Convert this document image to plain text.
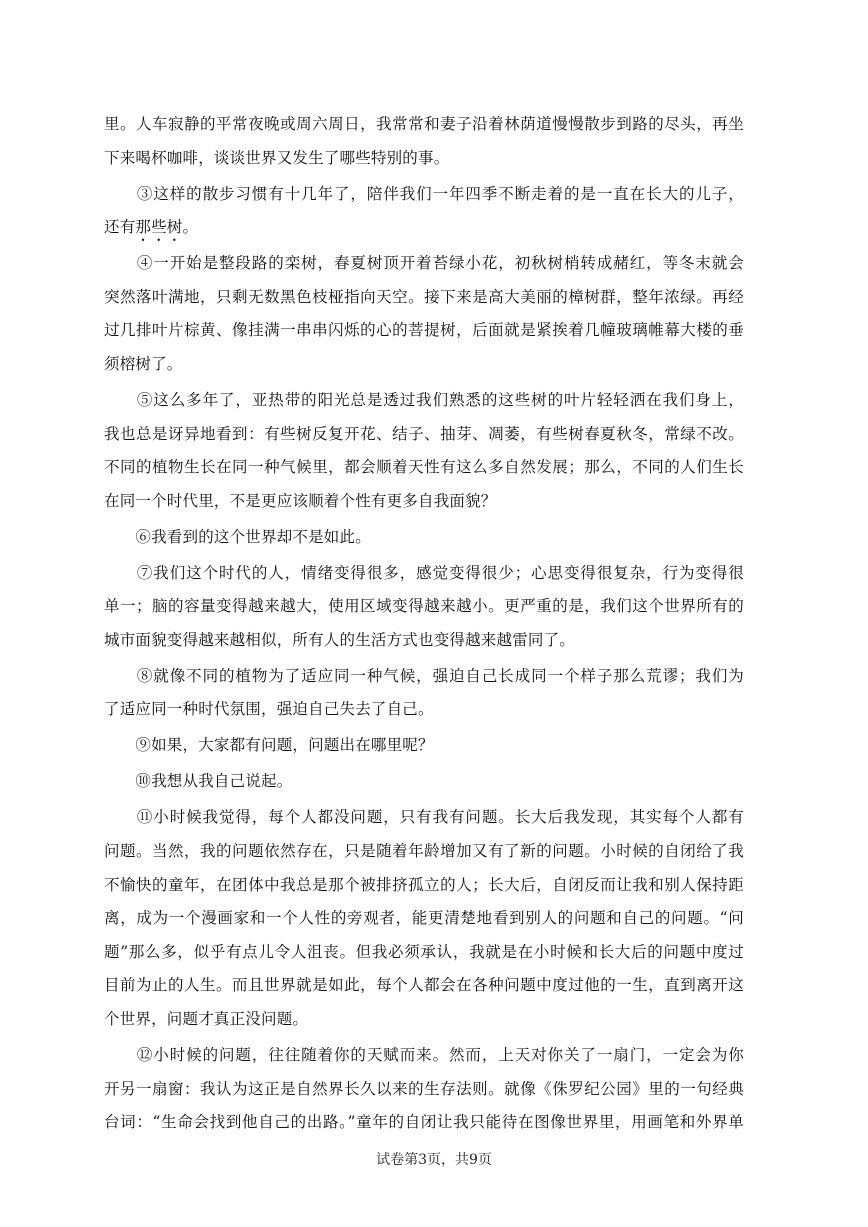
里。人车寂静的平常夜晚或周六周日，我常常和妻子沿着林荫道慢慢散步到路的尽头，再坐
下来喝杯咖啡，谈谈世界又发生了哪些特别的事。
　　③这样的散步习惯有十几年了，陪伴我们一年四季不断走着的是一直在长大的儿子，
还有那些树。
　　④一开始是整段路的栾树，春夏树顶开着苔绿小花，初秋树梢转成赭红，等冬末就会
突然落叶满地，只剩无数黑色枝桠指向天空。接下来是高大美丽的樟树群，整年浓绿。再经
过几排叶片棕黄、像挂满一串串闪烁的心的菩提树，后面就是紧挨着几幢玻璃帷幕大楼的垂
须榕树了。
　　⑤这么多年了，亚热带的阳光总是透过我们熟悉的这些树的叶片轻轻洒在我们身上，
我也总是讶异地看到：有些树反复开花、结子、抽芽、凋萎，有些树春夏秋冬，常绿不改。
不同的植物生长在同一种气候里，都会顺着天性有这么多自然发展；那么，不同的人们生长
在同一个时代里，不是更应该顺着个性有更多自我面貌？
　　⑥我看到的这个世界却不是如此。
　　⑦我们这个时代的人，情绪变得很多，感觉变得很少；心思变得很复杂，行为变得很
单一；脑的容量变得越来越大，使用区域变得越来越小。更严重的是，我们这个世界所有的
城市面貌变得越来越相似，所有人的生活方式也变得越来越雷同了。
　　⑧就像不同的植物为了适应同一种气候，强迫自己长成同一个样子那么荒谬；我们为
了适应同一种时代氛围，强迫自己失去了自己。
　　⑨如果，大家都有问题，问题出在哪里呢？
　　⑩我想从我自己说起。
　　⑪小时候我觉得，每个人都没问题，只有我有问题。长大后我发现，其实每个人都有
问题。当然，我的问题依然存在，只是随着年龄增加又有了新的问题。小时候的自闭给了我
不愉快的童年，在团体中我总是那个被排挤孤立的人；长大后，自闭反而让我和别人保持距
离，成为一个漫画家和一个人性的旁观者，能更清楚地看到别人的问题和自己的问题。“问
题”那么多，似乎有点儿令人沮丧。但我必须承认，我就是在小时候和长大后的问题中度过
目前为止的人生。而且世界就是如此，每个人都会在各种问题中度过他的一生，直到离开这
个世界，问题才真正没问题。
　　⑫小时候的问题，往往随着你的天赋而来。然而，上天对你关了一扇门，一定会为你
开另一扇窗：我认为这正是自然界长久以来的生存法则。就像《侏罗纪公园》里的一句经典
台词：“生命会找到他自己的出路。”童年的自闭让我只能待在图像世界里，用画笔和外界单
试卷第3页，共9页
